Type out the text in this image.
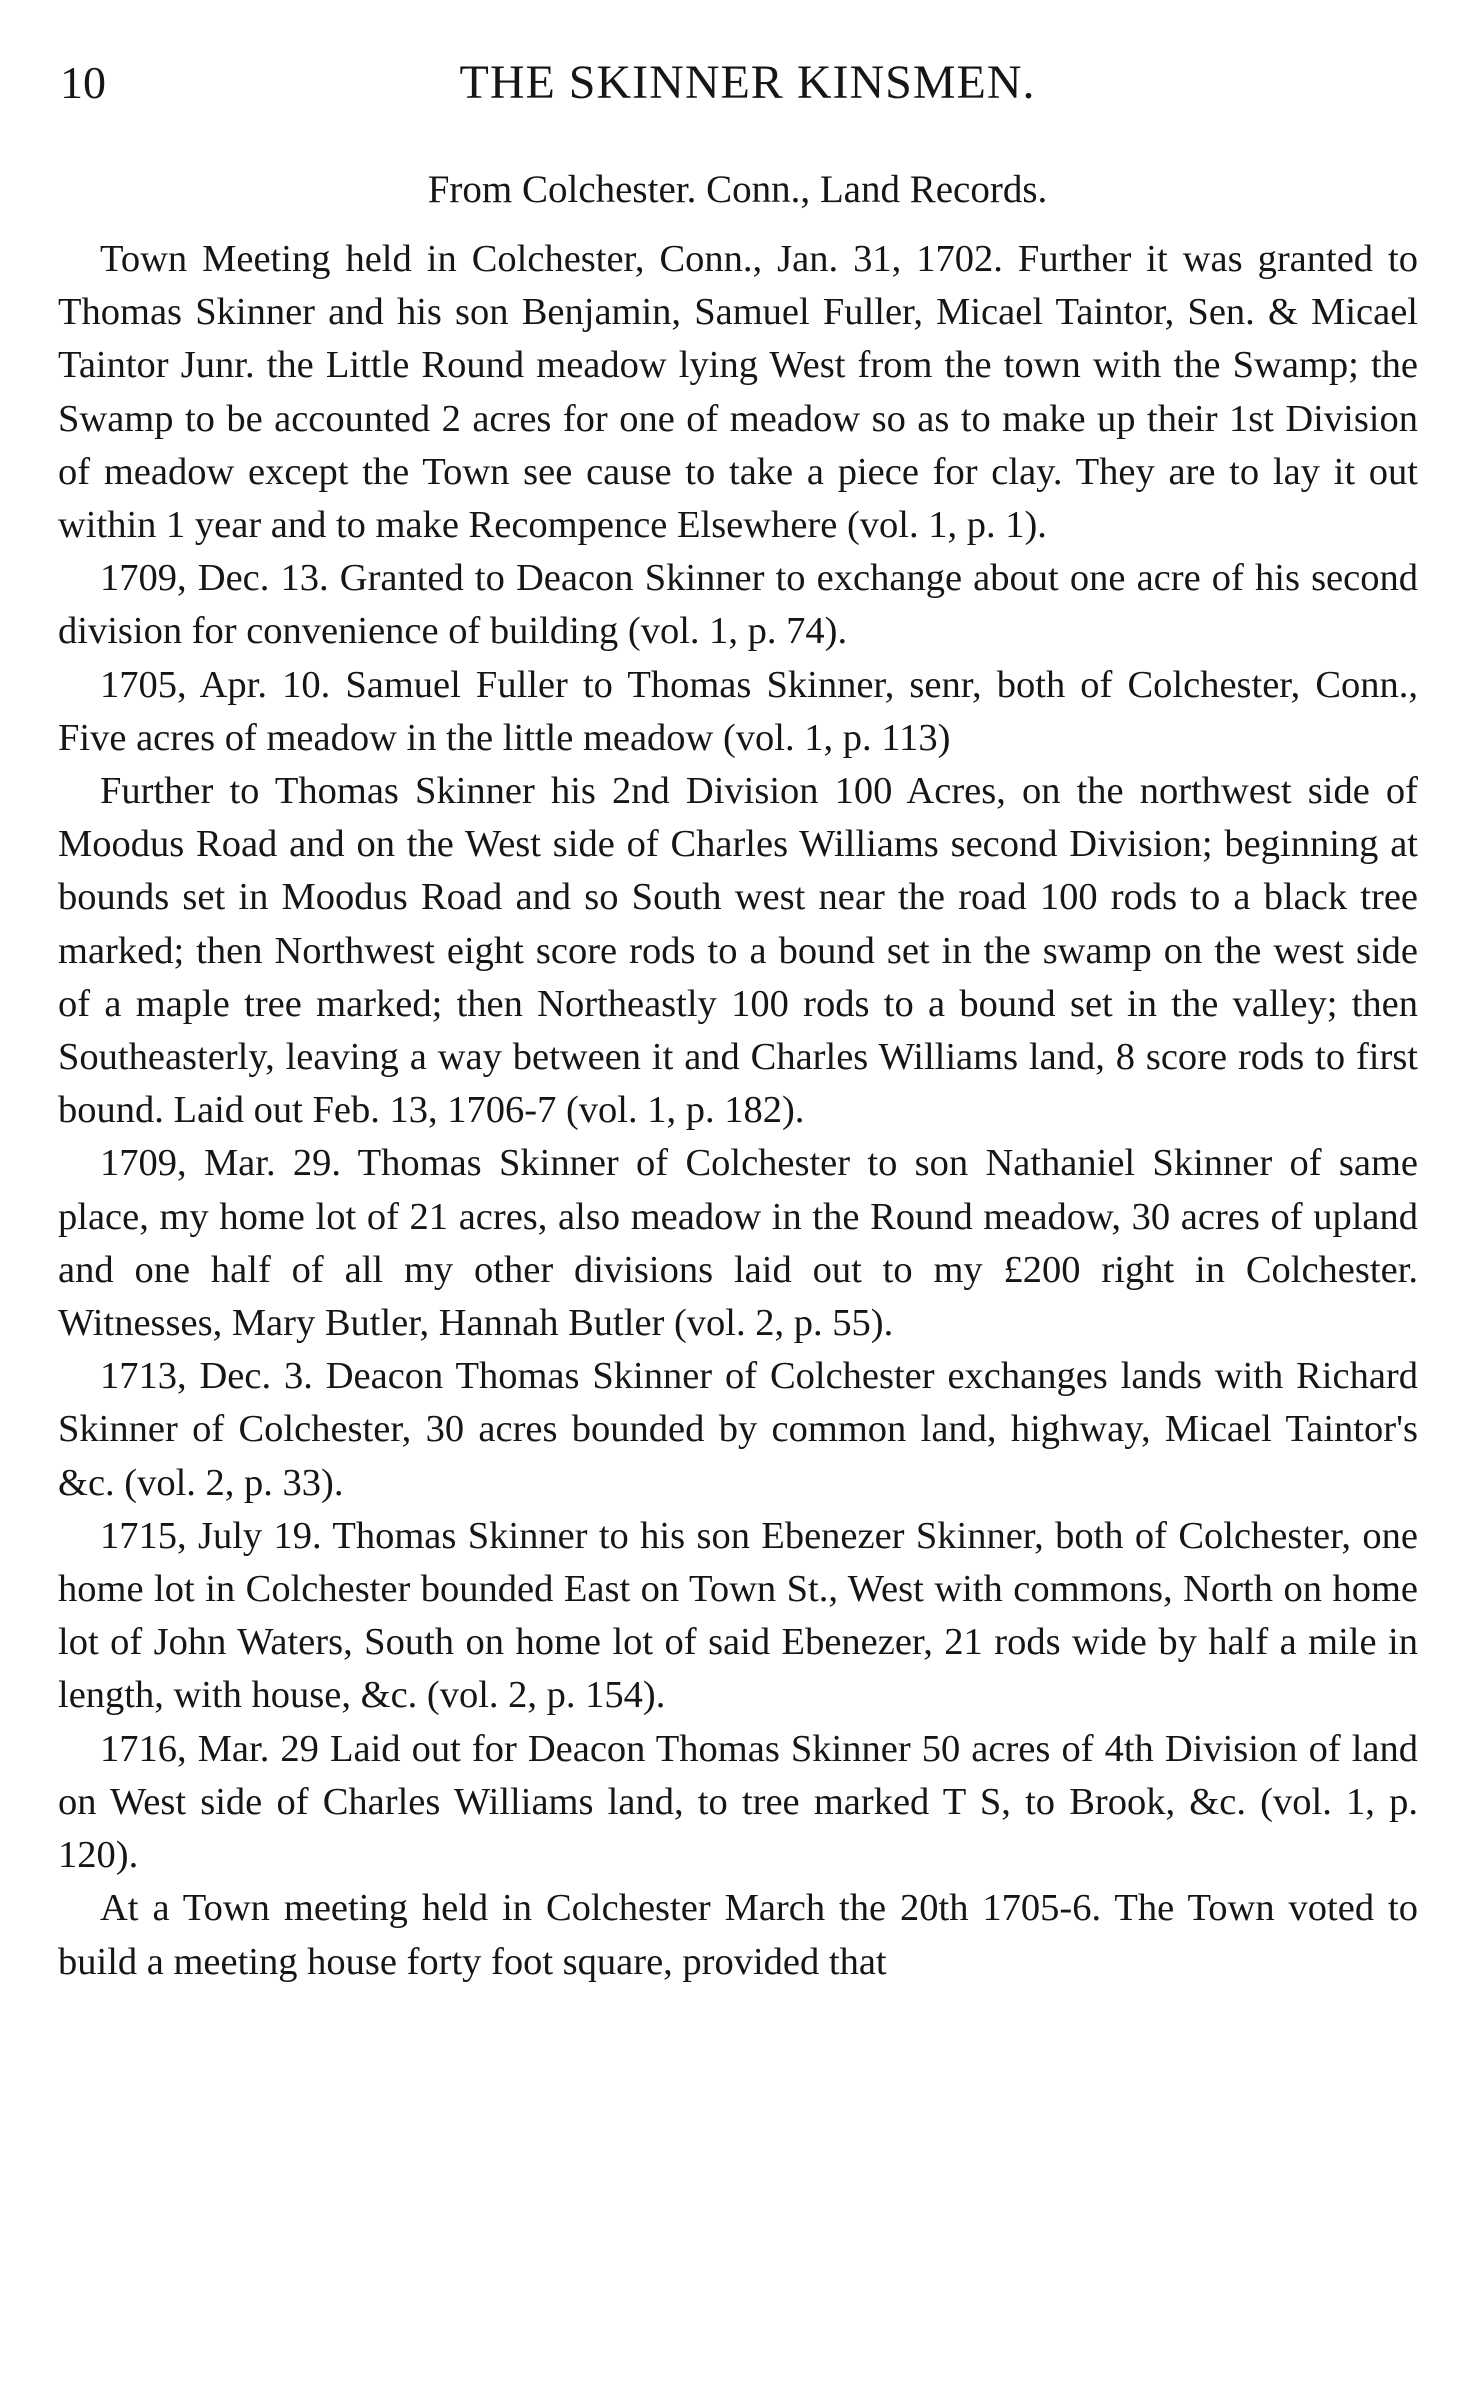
10	THE SKINNER KINSMEN.
From Colchester. Conn., Land Records.

Town Meeting held in Colchester, Conn., Jan. 31, 1702. Further it was granted to Thomas Skinner and his son Benjamin, Samuel Fuller, Micael Taintor, Sen. & Micael Taintor Junr. the Little Round meadow lying West from the town with the Swamp; the Swamp to be accounted 2 acres for one of meadow so as to make up their 1st Division of meadow except the Town see cause to take a piece for clay. They are to lay it out within 1 year and to make Recompence Elsewhere (vol. 1, p. 1).

1709, Dec. 13. Granted to Deacon Skinner to exchange about one acre of his second division for convenience of building (vol. 1, p. 74).

1705, Apr. 10. Samuel Fuller to Thomas Skinner, senr, both of Colchester, Conn., Five acres of meadow in the little meadow (vol. 1, p. 113)

Further to Thomas Skinner his 2nd Division 100 Acres, on the northwest side of Moodus Road and on the West side of Charles Williams second Division; beginning at bounds set in Moodus Road and so South west near the road 100 rods to a black tree marked; then Northwest eight score rods to a bound set in the swamp on the west side of a maple tree marked; then Northeastly 100 rods to a bound set in the valley; then Southeasterly, leaving a way between it and Charles Williams land, 8 score rods to first bound. Laid out Feb. 13, 1706-7 (vol. 1, p. 182).

1709, Mar. 29. Thomas Skinner of Colchester to son Nathaniel Skinner of same place, my home lot of 21 acres, also meadow in the Round meadow, 30 acres of upland and one half of all my other divisions laid out to my £200 right in Colchester. Witnesses, Mary Butler, Hannah Butler (vol. 2, p. 55).

1713, Dec. 3. Deacon Thomas Skinner of Colchester exchanges lands with Richard Skinner of Colchester, 30 acres bounded by common land, highway, Micael Taintor's &c. (vol. 2, p. 33).

1715, July 19. Thomas Skinner to his son Ebenezer Skinner, both of Colchester, one home lot in Colchester bounded East on Town St., West with commons, North on home lot of John Waters, South on home lot of said Ebenezer, 21 rods wide by half a mile in length, with house, &c. (vol. 2, p. 154).

1716, Mar. 29 Laid out for Deacon Thomas Skinner 50 acres of 4th Division of land on West side of Charles Williams land, to tree marked T S, to Brook, &c. (vol. 1, p. 120).

At a Town meeting held in Colchester March the 20th 1705-6. The Town voted to build a meeting house forty foot square, provided that
